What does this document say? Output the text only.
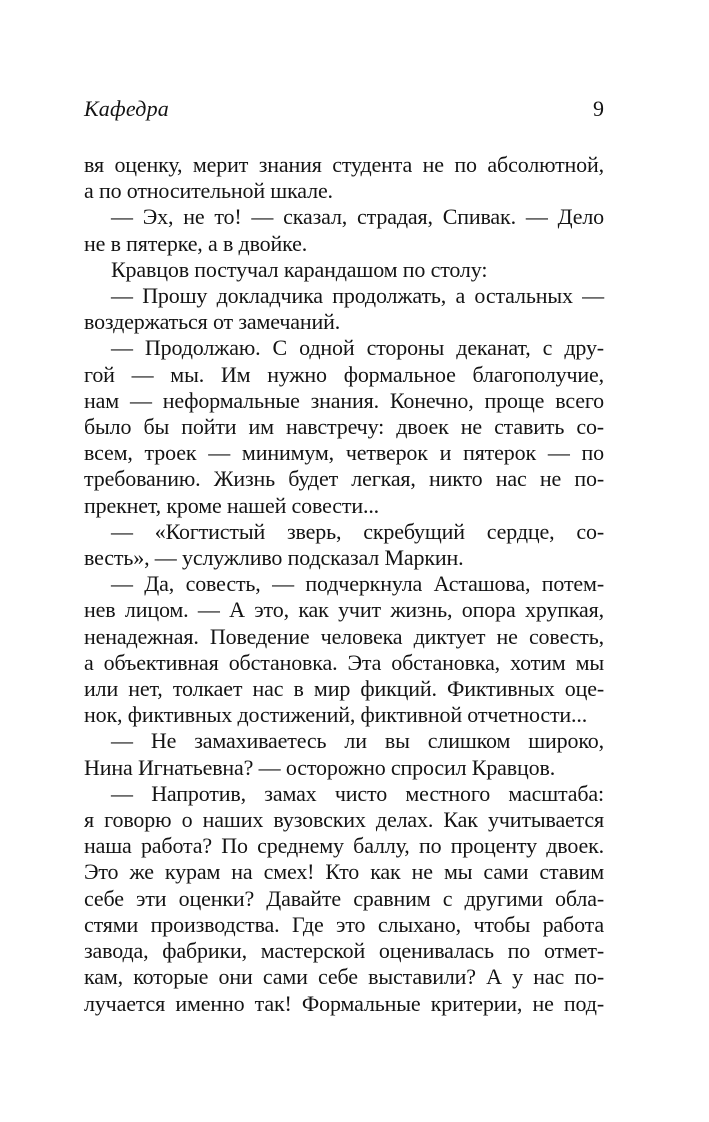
Кафедра	9
вя оценку, мерит знания студента не по абсолютной,
а по относительной шкале.
— Эх, не то! — сказал, страдая, Спивак. — Дело
не в пятерке, а в двойке.
Кравцов постучал карандашом по столу:
— Прошу докладчика продолжать, а остальных —
воздержаться от замечаний.
— Продолжаю. С одной стороны деканат, с дру-
гой — мы. Им нужно формальное благополучие,
нам — неформальные знания. Конечно, проще всего
было бы пойти им навстречу: двоек не ставить со-
всем, троек — минимум, четверок и пятерок — по
требованию. Жизнь будет легкая, никто нас не по-
прекнет, кроме нашей совести...
— «Когтистый зверь, скребущий сердце, со-
весть», — услужливо подсказал Маркин.
— Да, совесть, — подчеркнула Асташова, потем-
нев лицом. — А это, как учит жизнь, опора хрупкая,
ненадежная. Поведение человека диктует не совесть,
а объективная обстановка. Эта обстановка, хотим мы
или нет, толкает нас в мир фикций. Фиктивных оце-
нок, фиктивных достижений, фиктивной отчетности...
— Не замахиваетесь ли вы слишком широко,
Нина Игнатьевна? — осторожно спросил Кравцов.
— Напротив, замах чисто местного масштаба:
я говорю о наших вузовских делах. Как учитывается
наша работа? По среднему баллу, по проценту двоек.
Это же курам на смех! Кто как не мы сами ставим
себе эти оценки? Давайте сравним с другими обла-
стями производства. Где это слыхано, чтобы работа
завода, фабрики, мастерской оценивалась по отмет-
кам, которые они сами себе выставили? А у нас по-
лучается именно так! Формальные критерии, не под-
